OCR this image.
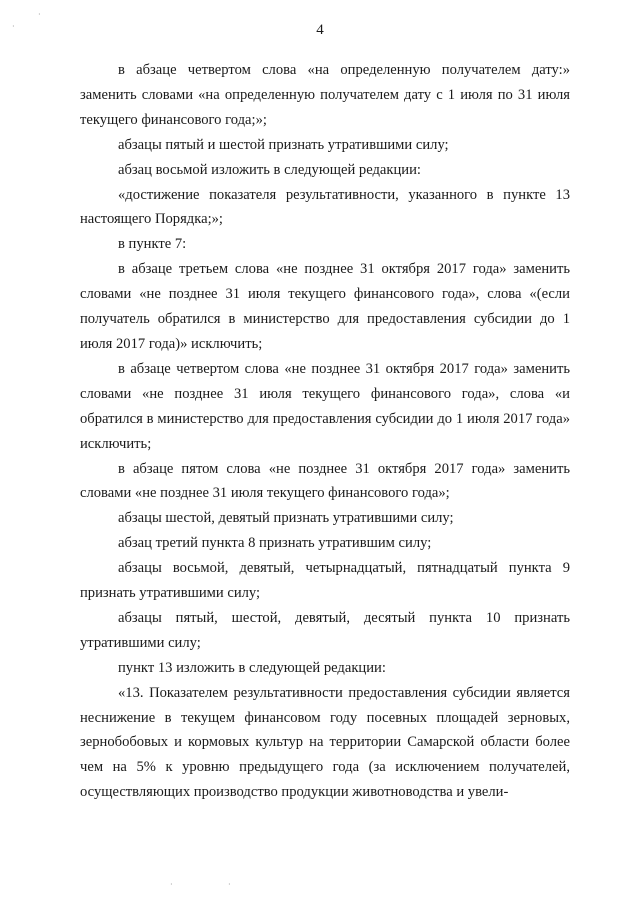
4

в абзаце четвертом слова «на определенную получателем дату:» заменить словами «на определенную получателем дату с 1 июля по 31 июля текущего финансового года;»;

абзацы пятый и шестой признать утратившими силу;

абзац восьмой изложить в следующей редакции:

«достижение показателя результативности, указанного в пункте 13 настоящего Порядка;»;

в пункте 7:

в абзаце третьем слова «не позднее 31 октября 2017 года» заменить словами «не позднее 31 июля текущего финансового года», слова «(если получатель обратился в министерство для предоставления субсидии до 1 июля 2017 года)» исключить;

в абзаце четвертом слова «не позднее 31 октября 2017 года» заменить словами «не позднее 31 июля текущего финансового года», слова «и обратился в министерство для предоставления субсидии до 1 июля 2017 года» исключить;

в абзаце пятом слова «не позднее 31 октября 2017 года» заменить словами «не позднее 31 июля текущего финансового года»;

абзацы шестой, девятый признать утратившими силу;

абзац третий пункта 8 признать утратившим силу;

абзацы восьмой, девятый, четырнадцатый, пятнадцатый пункта 9 признать утратившими силу;

абзацы пятый, шестой, девятый, десятый пункта 10 признать утратившими силу;

пункт 13 изложить в следующей редакции:

«13. Показателем результативности предоставления субсидии является неснижение в текущем финансовом году посевных площадей зерновых, зернобобовых и кормовых культур на территории Самарской области более чем на 5% к уровню предыдущего года (за исключением получателей, осуществляющих производство продукции животноводства и увели-

·
·
·	·
